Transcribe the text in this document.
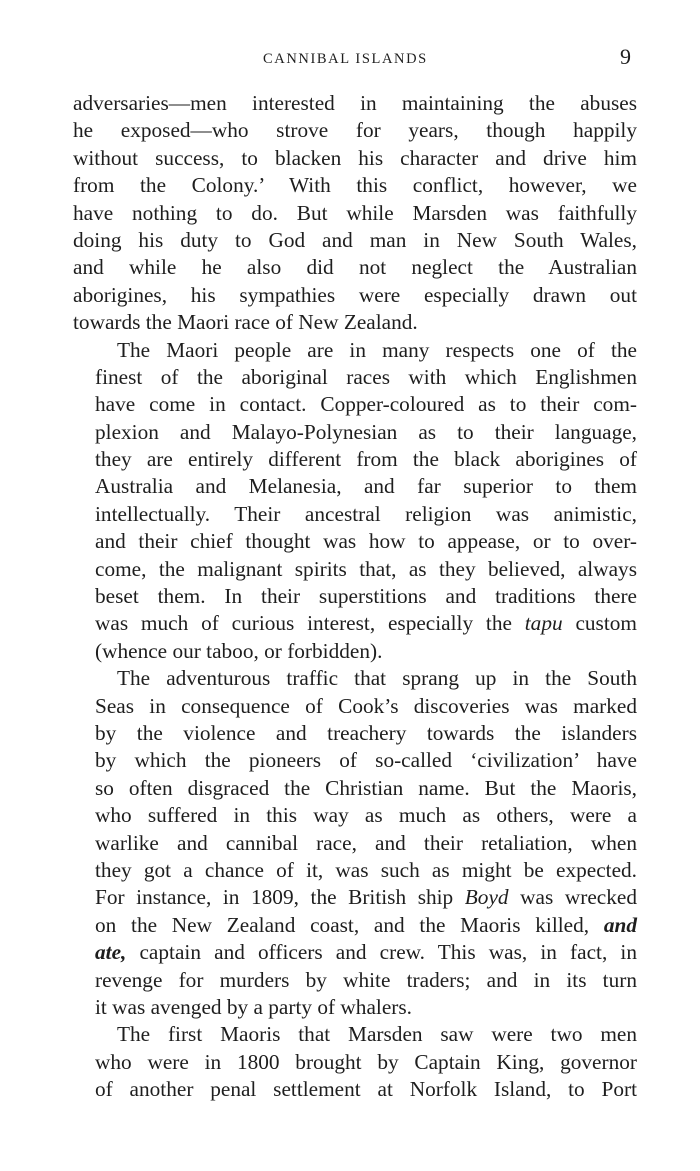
CANNIBAL ISLANDS	9
adversaries—men interested in maintaining the abuses
he exposed—who strove for years, though happily
without success, to blacken his character and drive him
from the Colony.’ With this conflict, however, we
have nothing to do. But while Marsden was faithfully
doing his duty to God and man in New South Wales,
and while he also did not neglect the Australian
aborigines, his sympathies were especially drawn out
towards the Maori race of New Zealand.
The Maori people are in many respects one of the
finest of the aboriginal races with which Englishmen
have come in contact. Copper-coloured as to their com-
plexion and Malayo-Polynesian as to their language,
they are entirely different from the black aborigines of
Australia and Melanesia, and far superior to them
intellectually. Their ancestral religion was animistic,
and their chief thought was how to appease, or to over-
come, the malignant spirits that, as they believed, always
beset them. In their superstitions and traditions there
was much of curious interest, especially the tapu custom
(whence our taboo, or forbidden).
The adventurous traffic that sprang up in the South
Seas in consequence of Cook’s discoveries was marked
by the violence and treachery towards the islanders
by which the pioneers of so-called ‘civilization’ have
so often disgraced the Christian name. But the Maoris,
who suffered in this way as much as others, were a
warlike and cannibal race, and their retaliation, when
they got a chance of it, was such as might be expected.
For instance, in 1809, the British ship Boyd was wrecked
on the New Zealand coast, and the Maoris killed, and
ate, captain and officers and crew. This was, in fact, in
revenge for murders by white traders; and in its turn
it was avenged by a party of whalers.
The first Maoris that Marsden saw were two men
who were in 1800 brought by Captain King, governor
of another penal settlement at Norfolk Island, to Port
